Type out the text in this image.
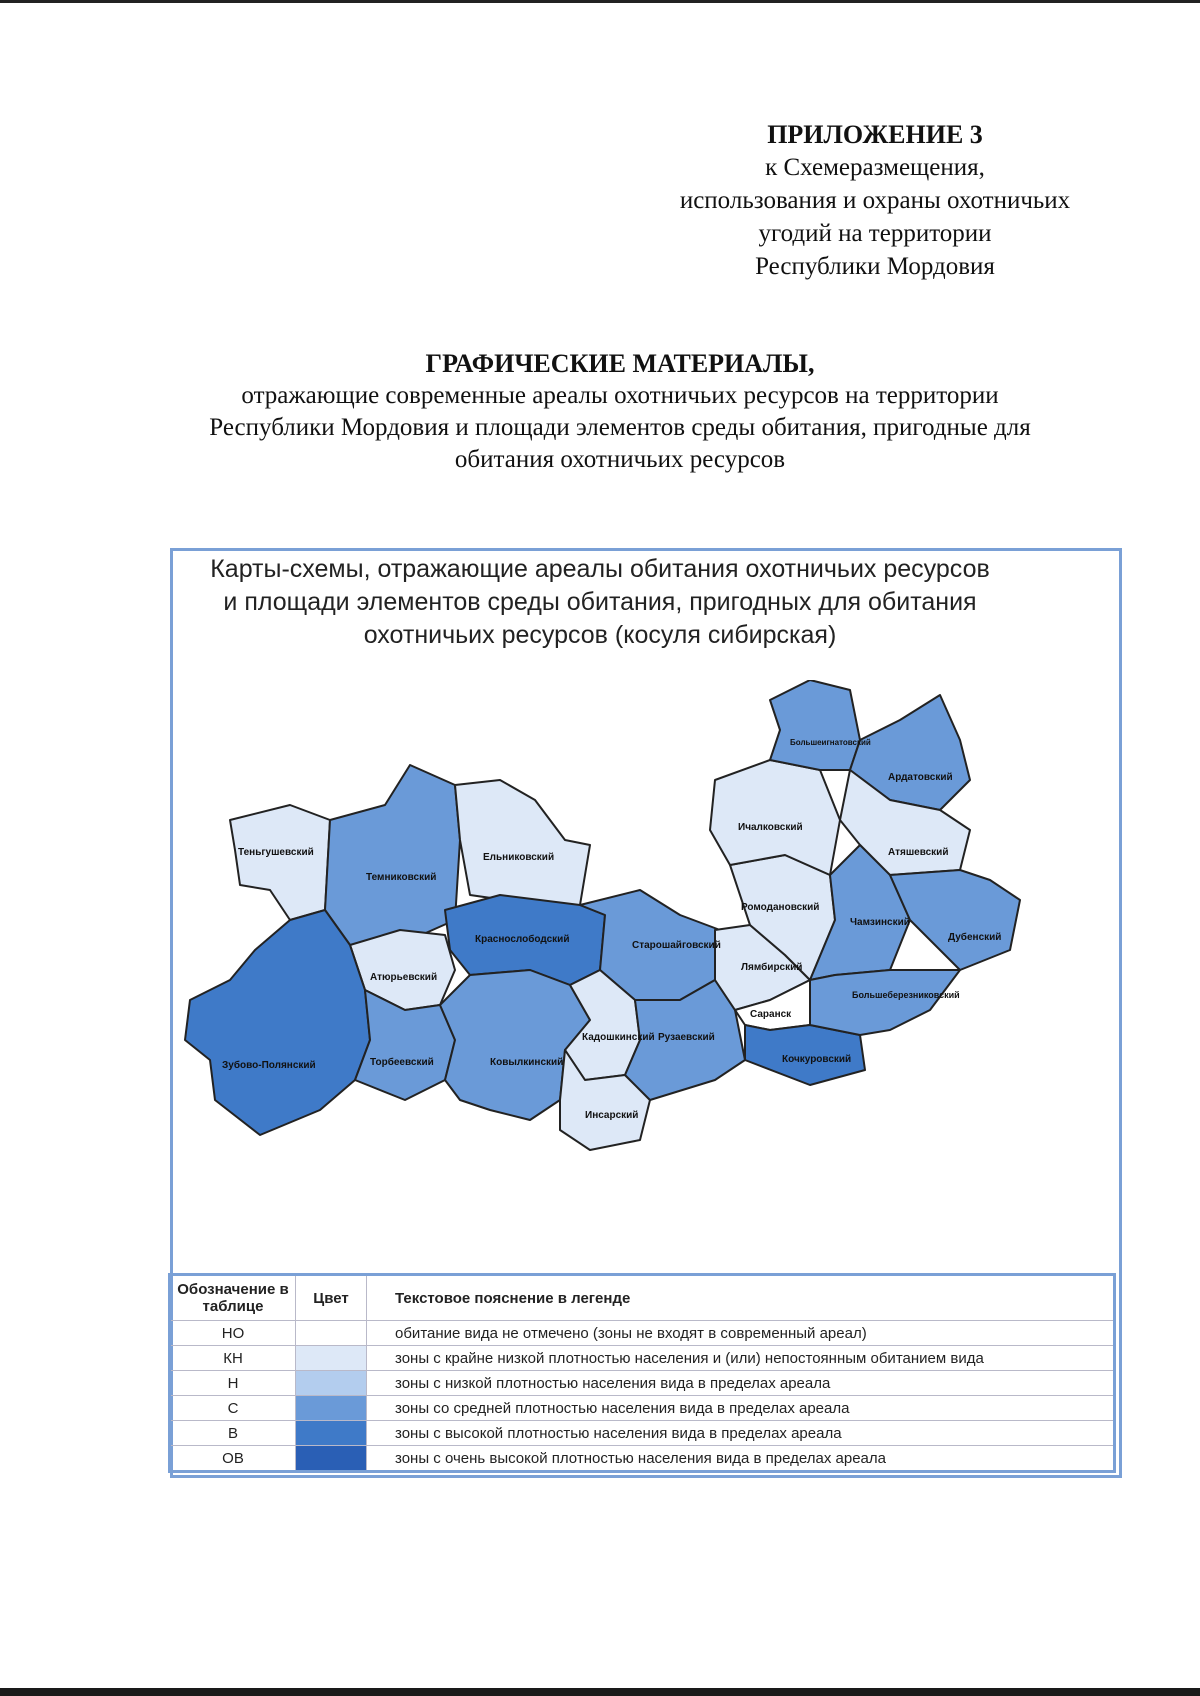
ПРИЛОЖЕНИЕ 3
к Схемеразмещения,
использования и охраны охотничьих
угодий на территории
Республики Мордовия
ГРАФИЧЕСКИЕ МАТЕРИАЛЫ,
отражающие современные ареалы охотничьих ресурсов на территории
Республики Мордовия и площади элементов среды обитания, пригодные для
обитания охотничьих ресурсов
Карты-схемы, отражающие ареалы обитания охотничьих ресурсов
и площади элементов среды обитания, пригодных для обитания
охотничьих ресурсов (косуля сибирская)
Теньгушевский
Темниковский
Ельниковский
Краснослободский
Атюрьевский
Зубово-Полянский	Торбеевский	Ковылкинский
Старошайговский
Кадошкинский
Инсарский
Рузаевский
Лямбирский
Ромодановский
Саранск
Кочкуровский
Ичалковский
Большеигнатовский
Ардатовский
Атяшевский
Чамзинский
Дубенский
Большеберезниковский
Обозначение в таблице	Цвет	Текстовое пояснение в легенде
НО		обитание вида не отмечено (зоны не входят в современный ареал)
КН		зоны с крайне низкой плотностью населения и (или) непостоянным обитанием вида
Н		зоны с низкой плотностью населения вида в пределах ареала
С		зоны со средней плотностью населения вида в пределах ареала
В		зоны с высокой плотностью населения вида в пределах ареала
ОВ		зоны с очень высокой плотностью населения вида в пределах ареала
